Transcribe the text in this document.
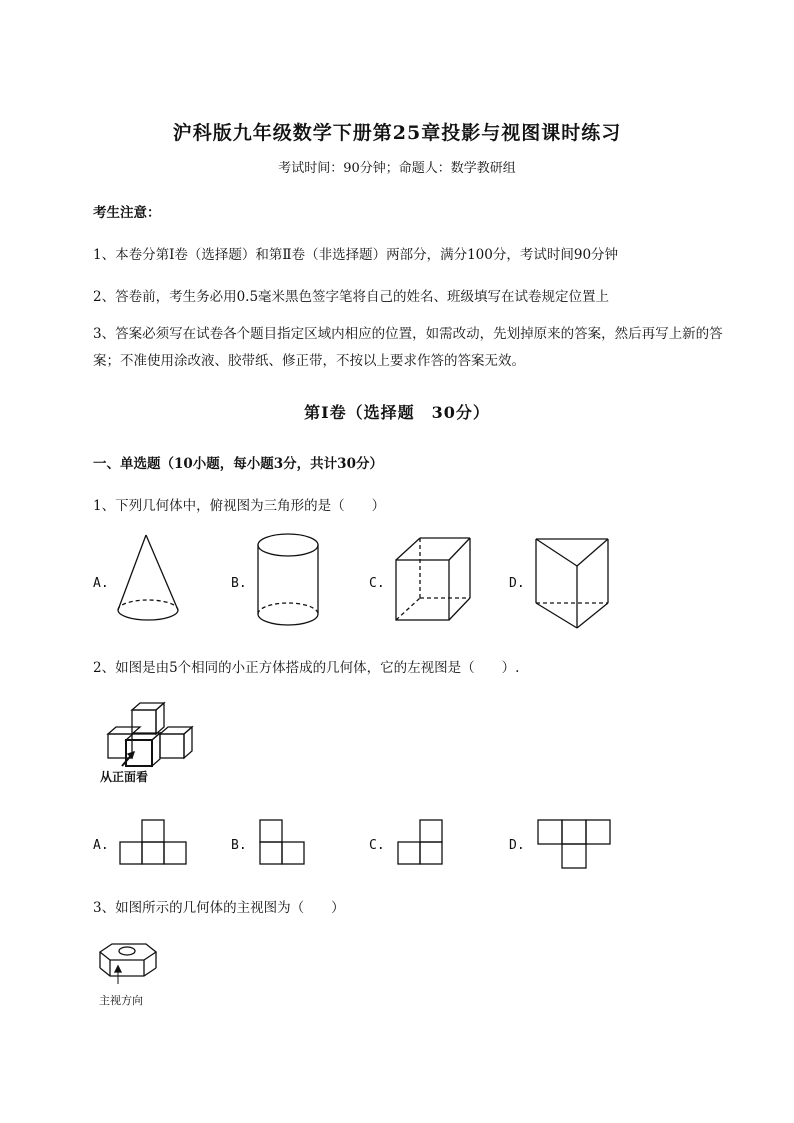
沪科版九年级数学下册第25章投影与视图课时练习
考试时间：90分钟；命题人：数学教研组
考生注意：
1、本卷分第I卷（选择题）和第Ⅱ卷（非选择题）两部分，满分100分，考试时间90分钟
2、答卷前，考生务必用0.5毫米黑色签字笔将自己的姓名、班级填写在试卷规定位置上
3、答案必须写在试卷各个题目指定区域内相应的位置，如需改动，先划掉原来的答案，然后再写上新的答案；不准使用涂改液、胶带纸、修正带，不按以上要求作答的答案无效。
第I卷（选择题　30分）
一、单选题（10小题，每小题3分，共计30分）
1、下列几何体中，俯视图为三角形的是（　　）
A.	B.	C.	D.
2、如图是由5个相同的小正方体搭成的几何体，它的左视图是（　　）.
从正面看
A.	B.	C.	D.
3、如图所示的几何体的主视图为（　　）
主视方向
